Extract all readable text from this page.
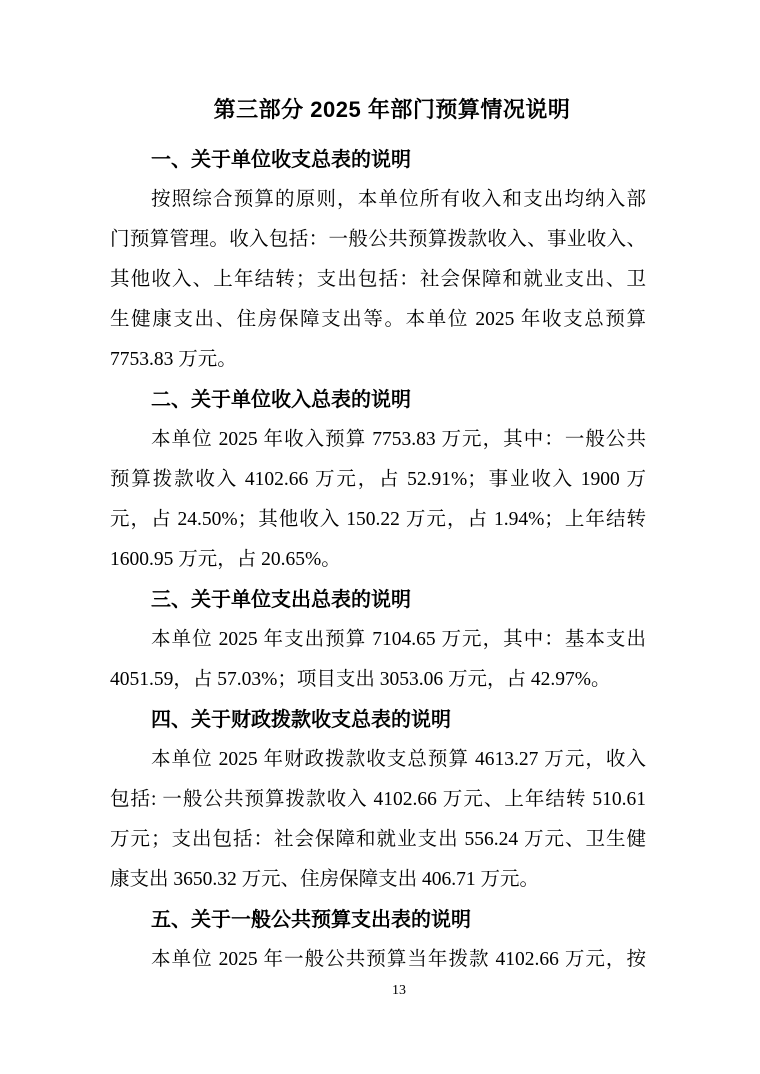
第三部分 2025 年部门预算情况说明
一、关于单位收支总表的说明
按照综合预算的原则，本单位所有收入和支出均纳入部
门预算管理。收入包括：一般公共预算拨款收入、事业收入、
其他收入、上年结转；支出包括：社会保障和就业支出、卫
生健康支出、住房保障支出等。本单位 2025 年收支总预算
7753.83 万元。
二、关于单位收入总表的说明
本单位 2025 年收入预算 7753.83 万元，其中：一般公共
预算拨款收入 4102.66 万元，占 52.91%；事业收入 1900 万
元，占 24.50%；其他收入 150.22 万元，占 1.94%；上年结转
1600.95 万元，占 20.65%。
三、关于单位支出总表的说明
本单位 2025 年支出预算 7104.65 万元，其中：基本支出
4051.59，占 57.03%；项目支出 3053.06 万元，占 42.97%。
四、关于财政拨款收支总表的说明
本单位 2025 年财政拨款收支总预算 4613.27 万元，收入
包括: 一般公共预算拨款收入 4102.66 万元、上年结转 510.61
万元；支出包括：社会保障和就业支出 556.24 万元、卫生健
康支出 3650.32 万元、住房保障支出 406.71 万元。
五、关于一般公共预算支出表的说明
本单位 2025 年一般公共预算当年拨款 4102.66 万元，按
13
